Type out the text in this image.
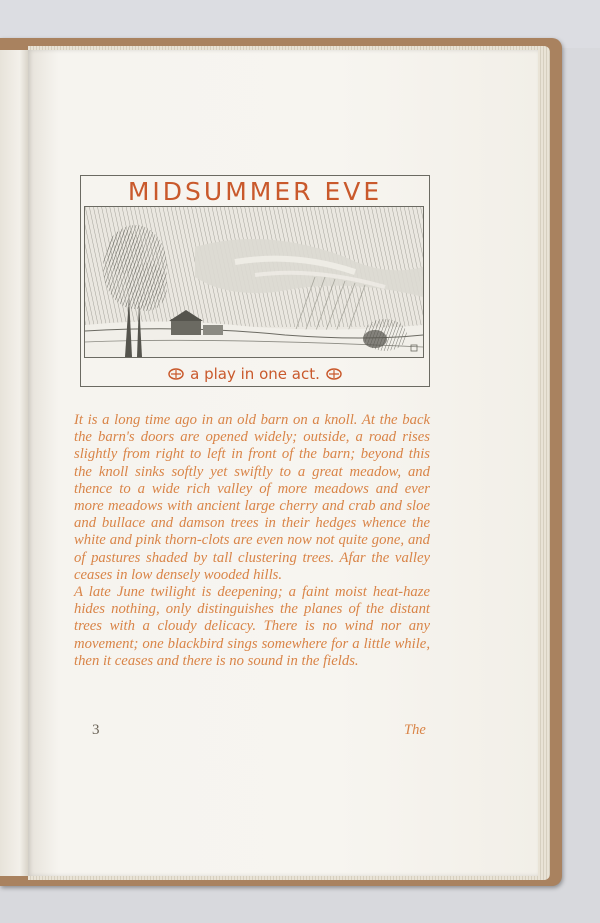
MIDSUMMER EVE
a play in one act.

It is a long time ago in an old barn on a knoll. At the back the barn's doors are opened widely; outside, a road rises slightly from right to left in front of the barn; beyond this the knoll sinks softly yet swiftly to a great meadow, and thence to a wide rich valley of more meadows and ever more meadows with ancient large cherry and crab and sloe and bullace and damson trees in their hedges whence the white and pink thorn-clots are even now not quite gone, and of pastures shaded by tall clustering trees. Afar the valley ceases in low densely wooded hills.

A late June twilight is deepening; a faint moist heat-haze hides nothing, only distinguishes the planes of the distant trees with a cloudy delicacy. There is no wind nor any movement; one blackbird sings somewhere for a little while, then it ceases and there is no sound in the fields.

3	The
